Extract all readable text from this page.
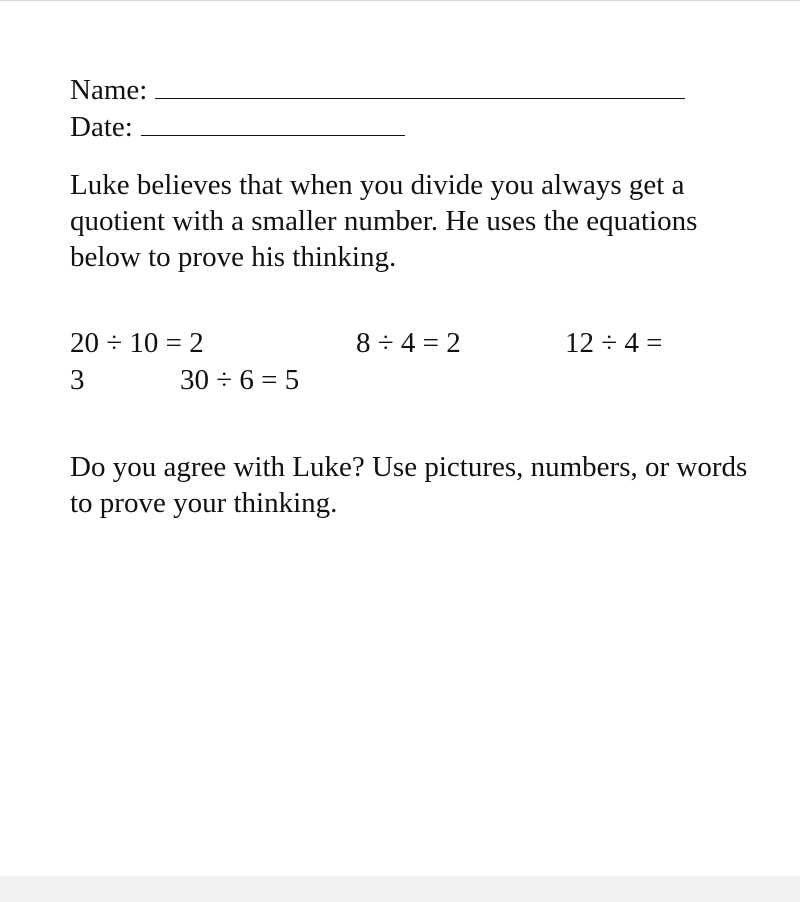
Name:
Date:
Luke believes that when you divide you always get a quotient with a smaller number. He uses the equations below to prove his thinking.
20 ÷ 10 = 2	8 ÷ 4 = 2	12 ÷ 4 =
3	30 ÷ 6 = 5
Do you agree with Luke? Use pictures, numbers, or words to prove your thinking.
